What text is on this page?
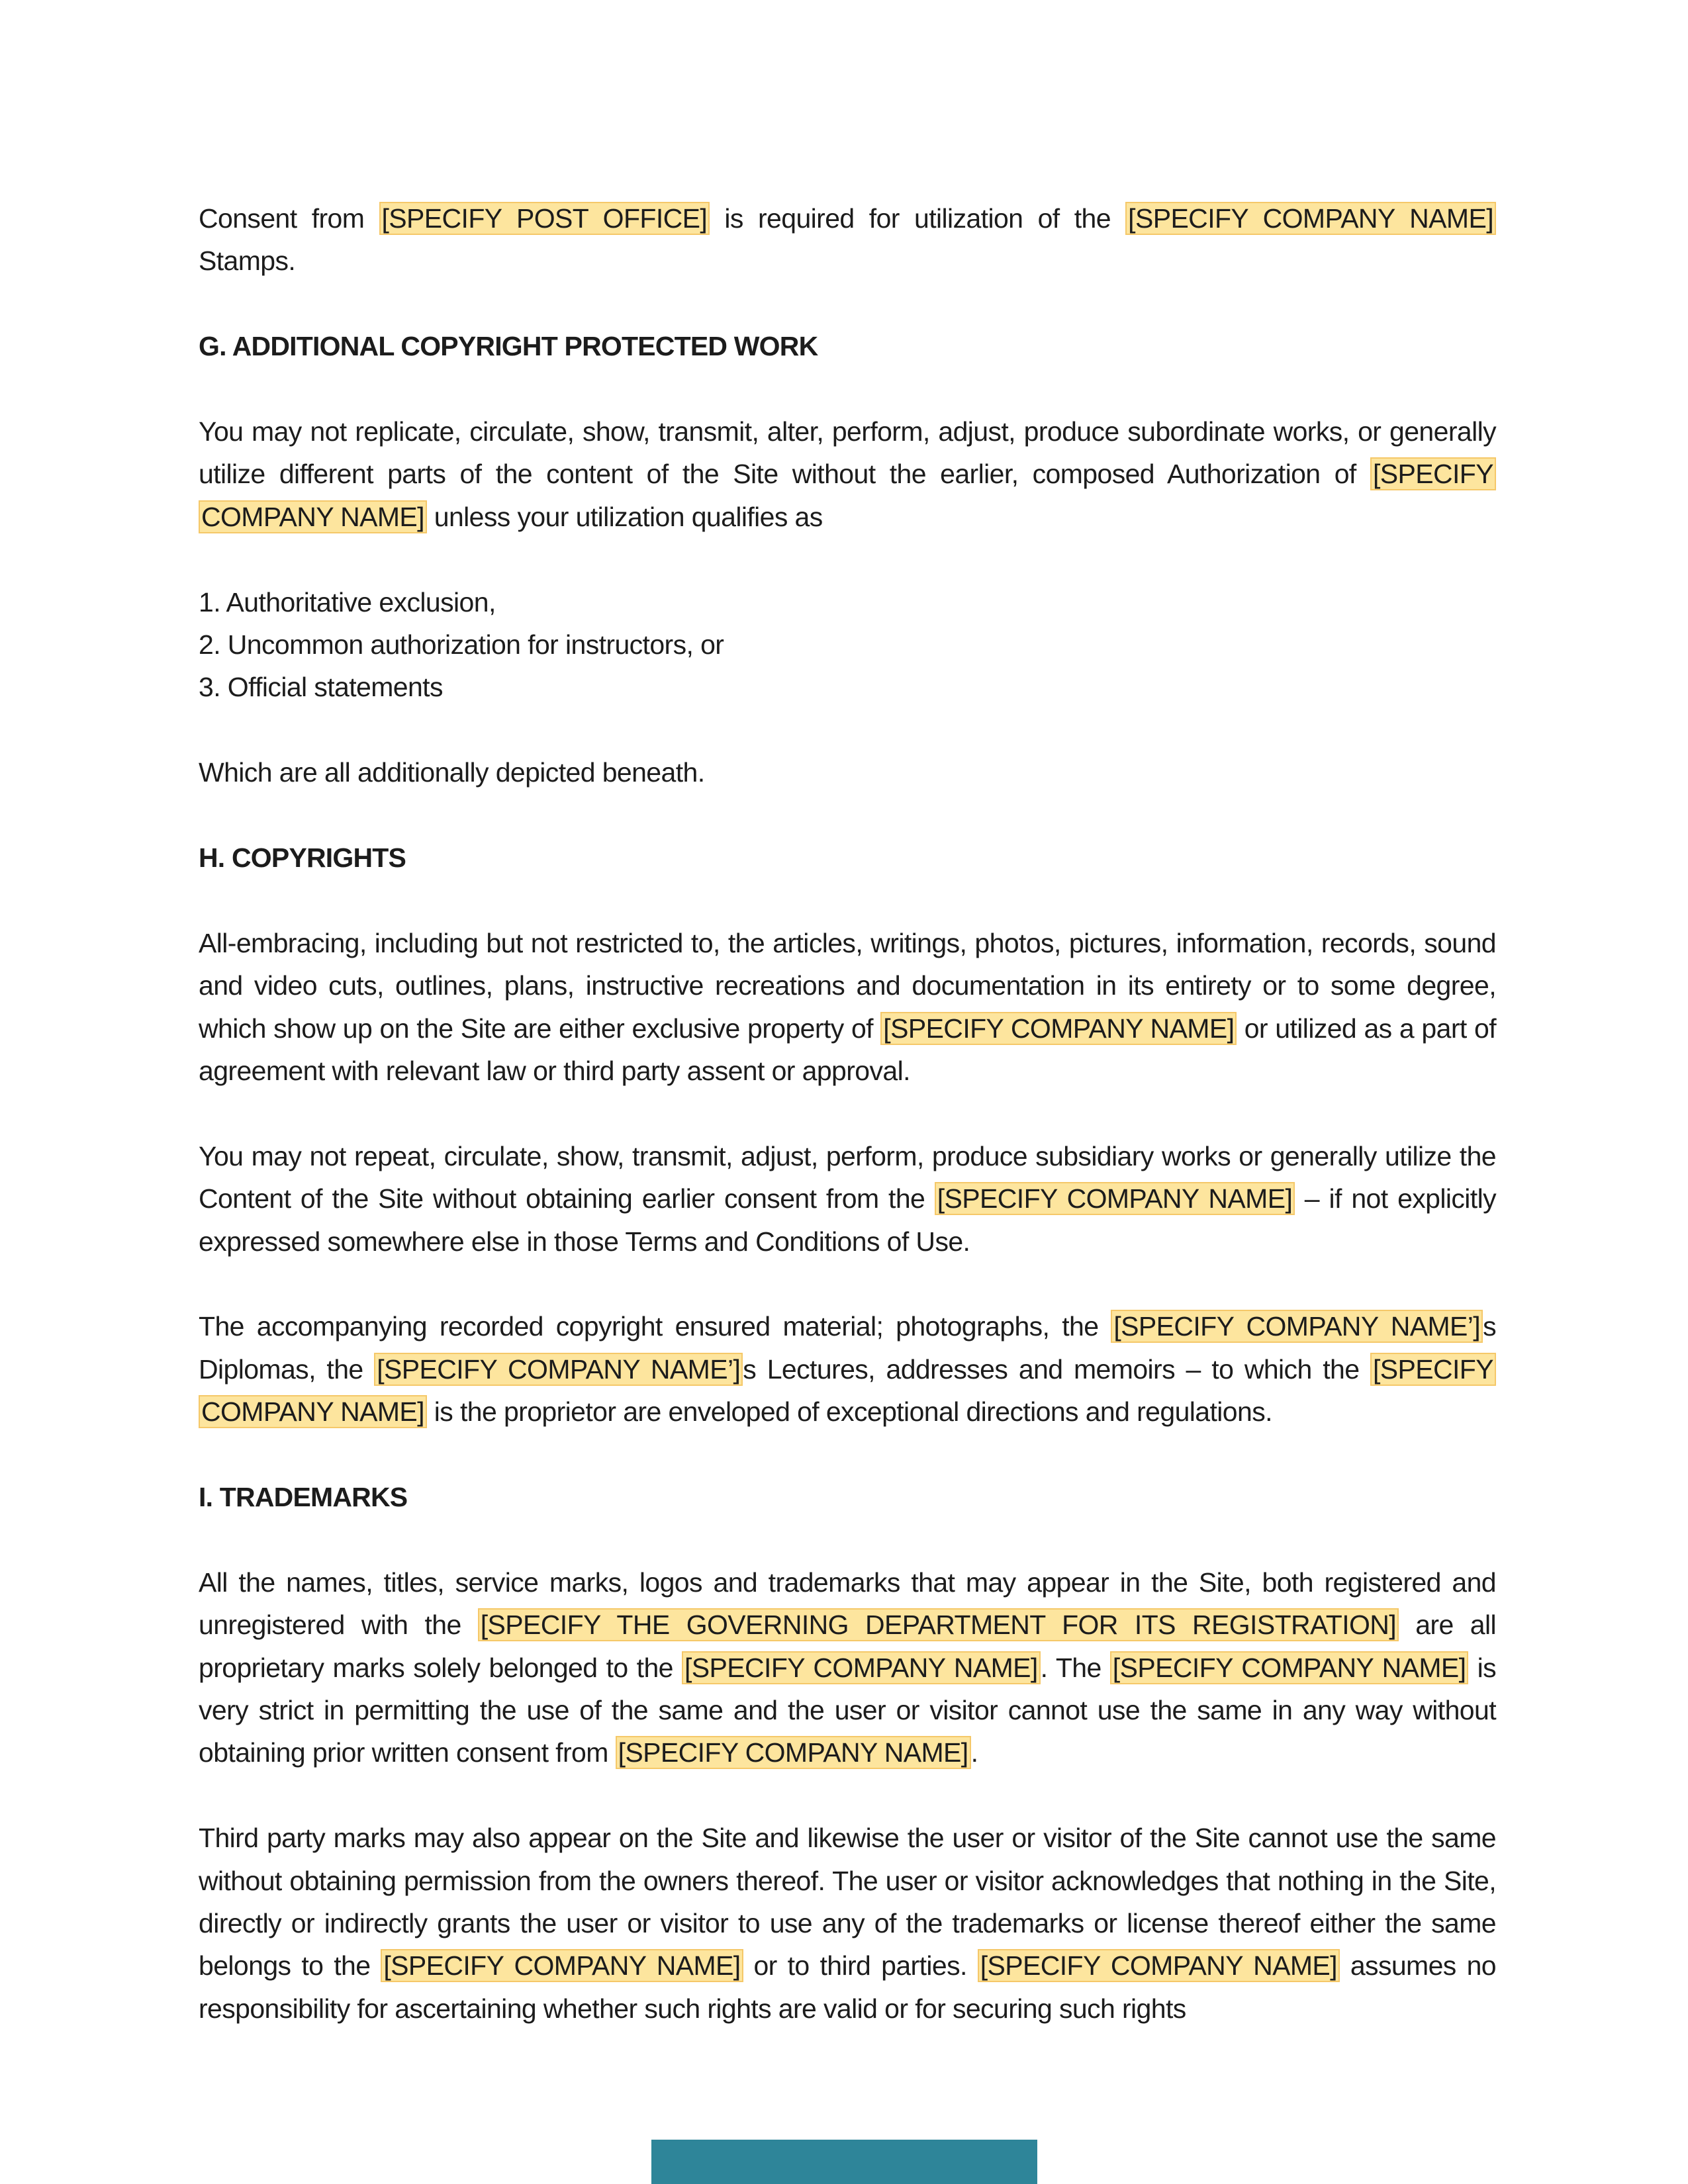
Consent from [SPECIFY POST OFFICE] is required for utilization of the [SPECIFY COMPANY NAME] Stamps.

G. ADDITIONAL COPYRIGHT PROTECTED WORK

You may not replicate, circulate, show, transmit, alter, perform, adjust, produce subordinate works, or generally utilize different parts of the content of the Site without the earlier, composed Authorization of [SPECIFY COMPANY NAME] unless your utilization qualifies as

1. Authoritative exclusion,
2. Uncommon authorization for instructors, or
3. Official statements

Which are all additionally depicted beneath.

H. COPYRIGHTS

All-embracing, including but not restricted to, the articles, writings, photos, pictures, information, records, sound and video cuts, outlines, plans, instructive recreations and documentation in its entirety or to some degree, which show up on the Site are either exclusive property of [SPECIFY COMPANY NAME] or utilized as a part of agreement with relevant law or third party assent or approval.

You may not repeat, circulate, show, transmit, adjust, perform, produce subsidiary works or generally utilize the Content of the Site without obtaining earlier consent from the [SPECIFY COMPANY NAME] – if not explicitly expressed somewhere else in those Terms and Conditions of Use.

The accompanying recorded copyright ensured material; photographs, the [SPECIFY COMPANY NAME’]s Diplomas, the [SPECIFY COMPANY NAME’]s Lectures, addresses and memoirs – to which the [SPECIFY COMPANY NAME] is the proprietor are enveloped of exceptional directions and regulations.

I. TRADEMARKS

All the names, titles, service marks, logos and trademarks that may appear in the Site, both registered and unregistered with the [SPECIFY THE GOVERNING DEPARTMENT FOR ITS REGISTRATION] are all proprietary marks solely belonged to the [SPECIFY COMPANY NAME]. The [SPECIFY COMPANY NAME] is very strict in permitting the use of the same and the user or visitor cannot use the same in any way without obtaining prior written consent from [SPECIFY COMPANY NAME].

Third party marks may also appear on the Site and likewise the user or visitor of the Site cannot use the same without obtaining permission from the owners thereof. The user or visitor acknowledges that nothing in the Site, directly or indirectly grants the user or visitor to use any of the trademarks or license thereof either the same belongs to the [SPECIFY COMPANY NAME] or to third parties. [SPECIFY COMPANY NAME] assumes no responsibility for ascertaining whether such rights are valid or for securing such rights
